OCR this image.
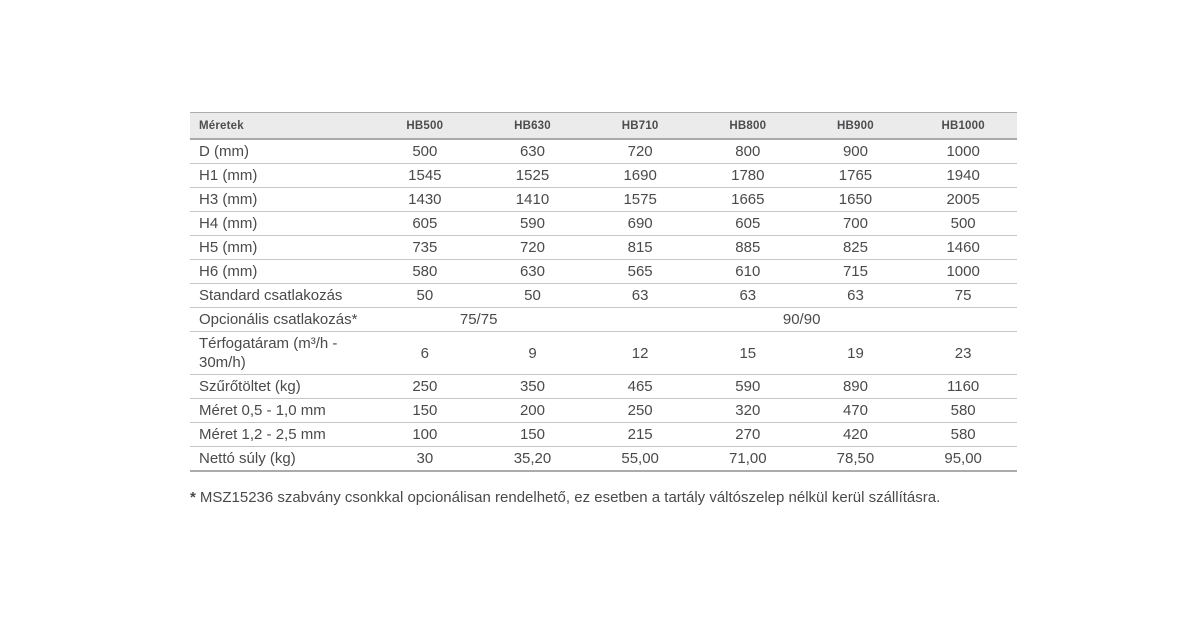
Méretek	HB500	HB630	HB710	HB800	HB900	HB1000
D (mm)	500	630	720	800	900	1000
H1 (mm)	1545	1525	1690	1780	1765	1940
H3 (mm)	1430	1410	1575	1665	1650	2005
H4 (mm)	605	590	690	605	700	500
H5 (mm)	735	720	815	885	825	1460
H6 (mm)	580	630	565	610	715	1000
Standard csatlakozás	50	50	63	63	63	75
Opcionális csatlakozás*	75/75		90/90			
Térfogatáram (m³/h - 30m/h)	6	9	12	15	19	23
Szűrőtöltet (kg)	250	350	465	590	890	1160
Méret 0,5 - 1,0 mm	150	200	250	320	470	580
Méret 1,2 - 2,5 mm	100	150	215	270	420	580
Nettó súly (kg)	30	35,20	55,00	71,00	78,50	95,00

* MSZ15236 szabvány csonkkal opcionálisan rendelhető, ez esetben a tartály váltószelep nélkül kerül szállításra.
